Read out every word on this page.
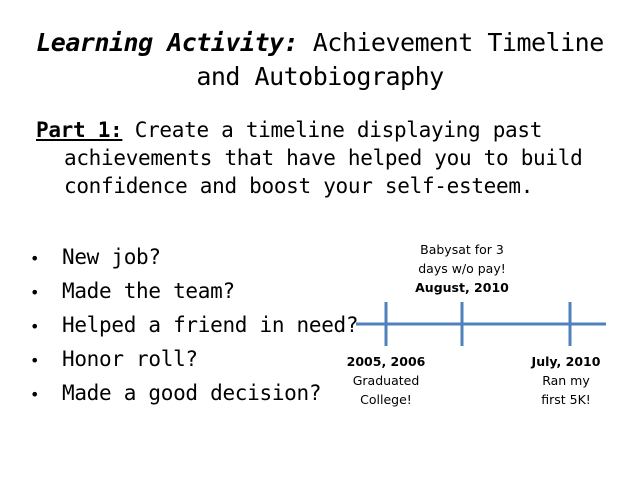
Learning Activity: Achievement Timeline
and Autobiography
Part 1: Create a timeline displaying past achievements that have helped you to build confidence and boost your self-esteem.
• New job?
• Made the team?
• Helped a friend in need?
• Honor roll?
• Made a good decision?
2005, 2006
Graduated
College!
Babysat for 3
days w/o pay!
August, 2010
July, 2010
Ran my
first 5K!
